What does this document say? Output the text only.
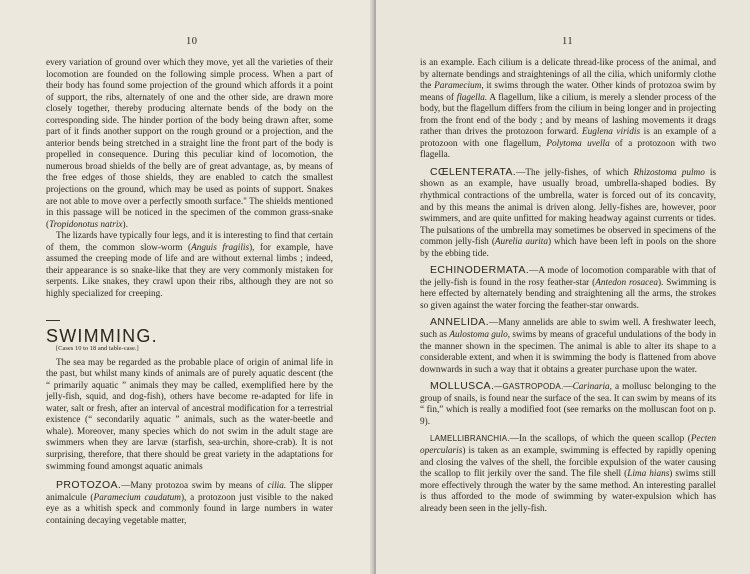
10

every variation of ground over which they move, yet all the varieties of their locomotion are founded on the following simple process. When a part of their body has found some projection of the ground which affords it a point of support, the ribs, alternately of one and the other side, are drawn more closely together, thereby producing alternate bends of the body on the corresponding side. The hinder portion of the body being drawn after, some part of it finds another support on the rough ground or a projection, and the anterior bends being stretched in a straight line the front part of the body is propelled in consequence. During this peculiar kind of locomotion, the numerous broad shields of the belly are of great advantage, as, by means of the free edges of those shields, they are enabled to catch the smallest projections on the ground, which may be used as points of support. Snakes are not able to move over a perfectly smooth surface." The shields mentioned in this passage will be noticed in the specimen of the common grass-snake (Tropidonotus natrix).

The lizards have typically four legs, and it is interesting to find that certain of them, the common slow-worm (Anguis fragilis), for example, have assumed the creeping mode of life and are without external limbs ; indeed, their appearance is so snake-like that they are very commonly mistaken for serpents. Like snakes, they crawl upon their ribs, although they are not so highly specialized for creeping.

SWIMMING.

[Cases 10 to 18 and table-case.]

The sea may be regarded as the probable place of origin of animal life in the past, but whilst many kinds of animals are of purely aquatic descent (the “ primarily aquatic ” animals they may be called, exemplified here by the jelly-fish, squid, and dog-fish), others have become re-adapted for life in water, salt or fresh, after an interval of ancestral modification for a terrestrial existence (“ secondarily aquatic ” animals, such as the water-beetle and whale). Moreover, many species which do not swim in the adult stage are swimmers when they are larvæ (starfish, sea-urchin, shore-crab). It is not surprising, therefore, that there should be great variety in the adaptations for swimming found amongst aquatic animals

PROTOZOA.—Many protozoa swim by means of cilia. The slipper animalcule (Paramecium caudatum), a protozoon just visible to the naked eye as a whitish speck and commonly found in large numbers in water containing decaying vegetable matter,

11

is an example. Each cilium is a delicate thread-like process of the animal, and by alternate bendings and straightenings of all the cilia, which uniformly clothe the Paramecium, it swims through the water. Other kinds of protozoa swim by means of flagella. A flagellum, like a cilium, is merely a slender process of the body, but the flagellum differs from the cilium in being longer and in projecting from the front end of the body ; and by means of lashing movements it drags rather than drives the protozoon forward. Euglena viridis is an example of a protozoon with one flagellum, Polytoma uvella of a protozoon with two flagella.

CŒLENTERATA.—The jelly-fishes, of which Rhizostoma pulmo is shown as an example, have usually broad, umbrella-shaped bodies. By rhythmical contractions of the umbrella, water is forced out of its concavity, and by this means the animal is driven along. Jelly-fishes are, however, poor swimmers, and are quite unfitted for making headway against currents or tides. The pulsations of the umbrella may sometimes be observed in specimens of the common jelly-fish (Aurelia aurita) which have been left in pools on the shore by the ebbing tide.

ECHINODERMATA.—A mode of locomotion comparable with that of the jelly-fish is found in the rosy feather-star (Antedon rosacea). Swimming is here effected by alternately bending and straightening all the arms, the strokes so given against the water forcing the feather-star onwards.

ANNELIDA.—Many annelids are able to swim well. A freshwater leech, such as Aulostoma gulo, swims by means of graceful undulations of the body in the manner shown in the specimen. The animal is able to alter its shape to a considerable extent, and when it is swimming the body is flattened from above downwards in such a way that it obtains a greater purchase upon the water.

MOLLUSCA.—GASTROPODA.—Carinaria, a mollusc belonging to the group of snails, is found near the surface of the sea. It can swim by means of its “ fin,” which is really a modified foot (see remarks on the molluscan foot on p. 9).

LAMELLIBRANCHIA.—In the scallops, of which the queen scallop (Pecten opercularis) is taken as an example, swimming is effected by rapidly opening and closing the valves of the shell, the forcible expulsion of the water causing the scallop to flit jerkily over the sand. The file shell (Lima hians) swims still more effectively through the water by the same method. An interesting parallel is thus afforded to the mode of swimming by water-expulsion which has already been seen in the jelly-fish.
